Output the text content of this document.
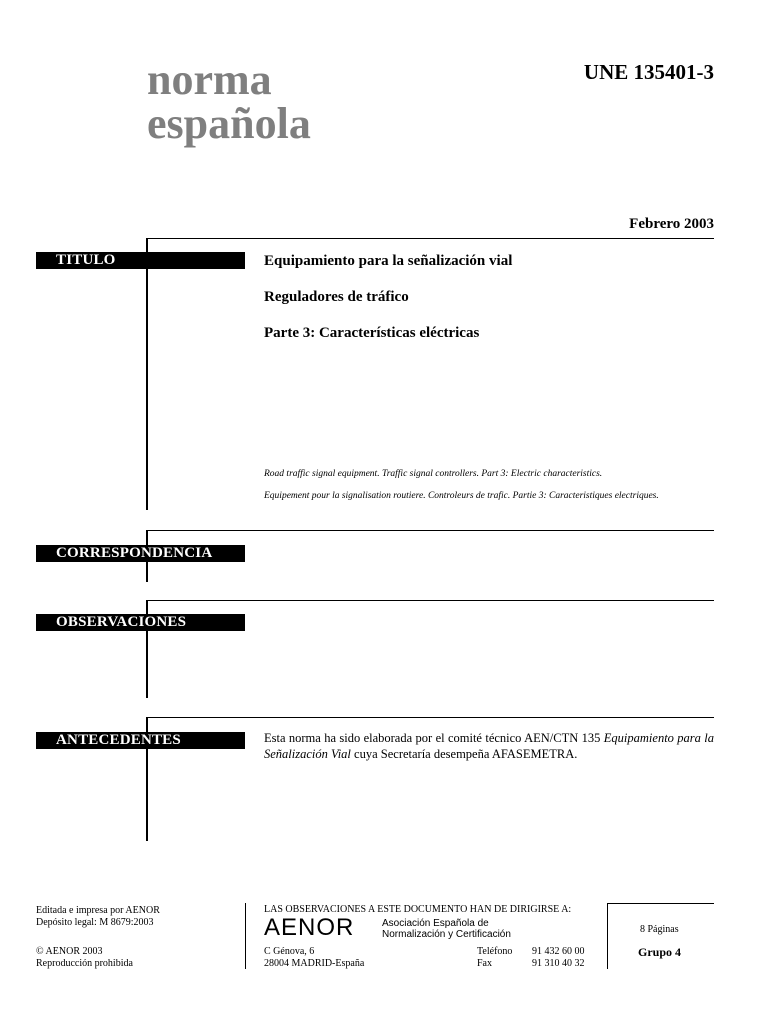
norma
española
UNE 135401-3
Febrero 2003
TITULO
CORRESPONDENCIA
OBSERVACIONES
ANTECEDENTES
Equipamiento para la señalización vial
Reguladores de tráfico
Parte 3: Características eléctricas
Road traffic signal equipment. Traffic signal controllers. Part 3: Electric characteristics.
Equipement pour la signalisation routiere. Controleurs de trafic. Partie 3: Caracteristiques electriques.
Esta norma ha sido elaborada por el comité técnico AEN/CTN 135 Equipamiento para la Señalización Vial cuya Secretaría desempeña AFASEMETRA.
Editada e impresa por AENOR
Depósito legal: M 8679:2003
© AENOR 2003
Reproducción prohibida
LAS OBSERVACIONES A ESTE DOCUMENTO HAN DE DIRIGIRSE A:
AENOR	Asociación Española de
Normalización y Certificación
C Génova, 6
28004 MADRID-España
Teléfono
Fax
91 432 60 00
91 310 40 32
8 Páginas
Grupo 4
